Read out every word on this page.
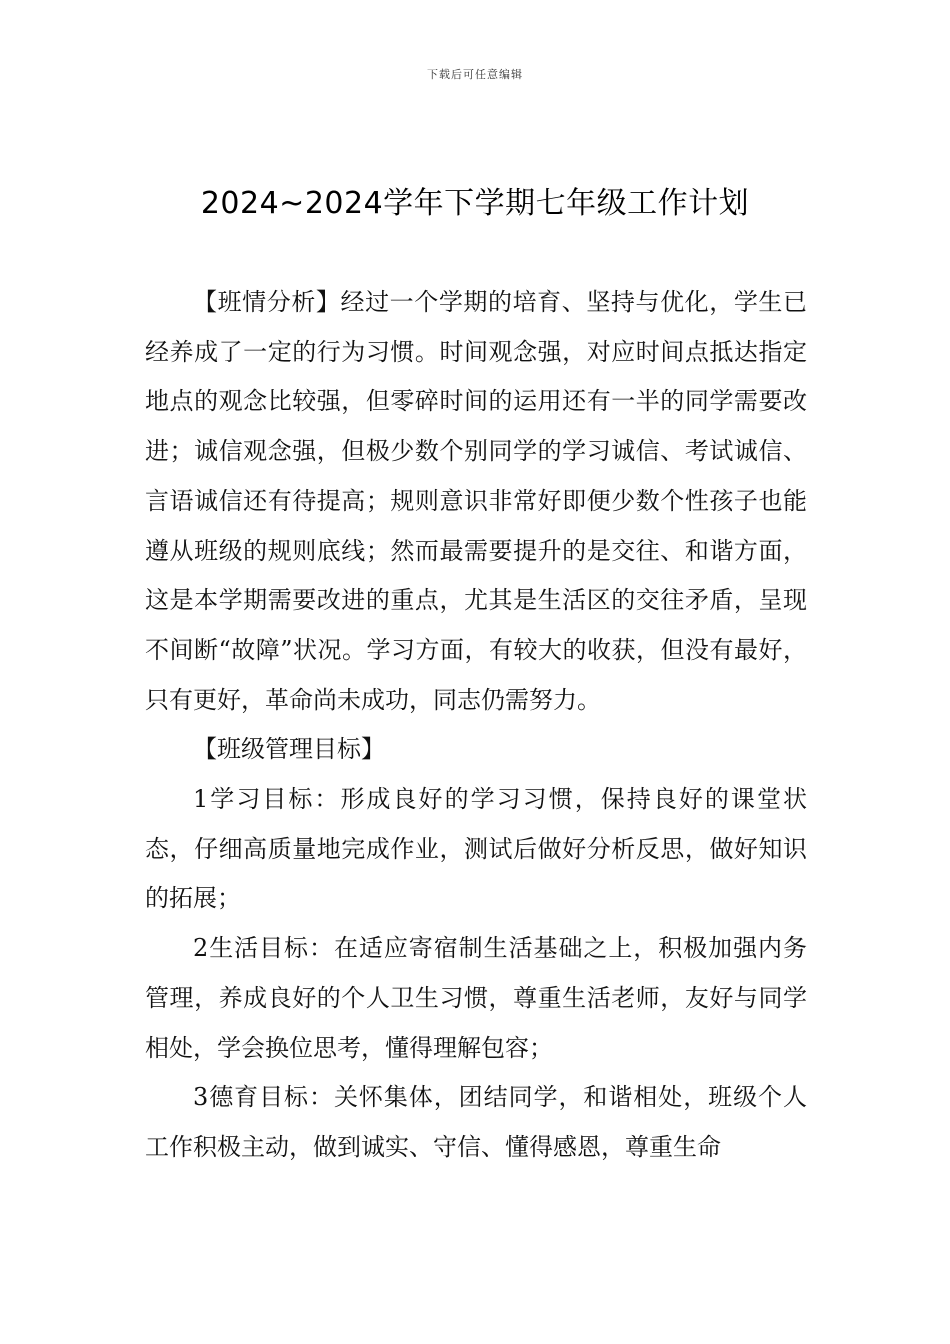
下载后可任意编辑
2024~2024学年下学期七年级工作计划

【班情分析】经过一个学期的培育、坚持与优化，学生已经养成了一定的行为习惯。时间观念强，对应时间点抵达指定地点的观念比较强，但零碎时间的运用还有一半的同学需要改进；诚信观念强，但极少数个别同学的学习诚信、考试诚信、言语诚信还有待提高；规则意识非常好即便少数个性孩子也能遵从班级的规则底线；然而最需要提升的是交往、和谐方面，这是本学期需要改进的重点，尤其是生活区的交往矛盾，呈现不间断“故障”状况。学习方面，有较大的收获，但没有最好，只有更好，革命尚未成功，同志仍需努力。

【班级管理目标】

1学习目标：形成良好的学习习惯，保持良好的课堂状态，仔细高质量地完成作业，测试后做好分析反思，做好知识的拓展；

2生活目标：在适应寄宿制生活基础之上，积极加强内务管理，养成良好的个人卫生习惯，尊重生活老师，友好与同学相处，学会换位思考，懂得理解包容；

3德育目标：关怀集体，团结同学，和谐相处，班级个人工作积极主动，做到诚实、守信、懂得感恩，尊重生命
